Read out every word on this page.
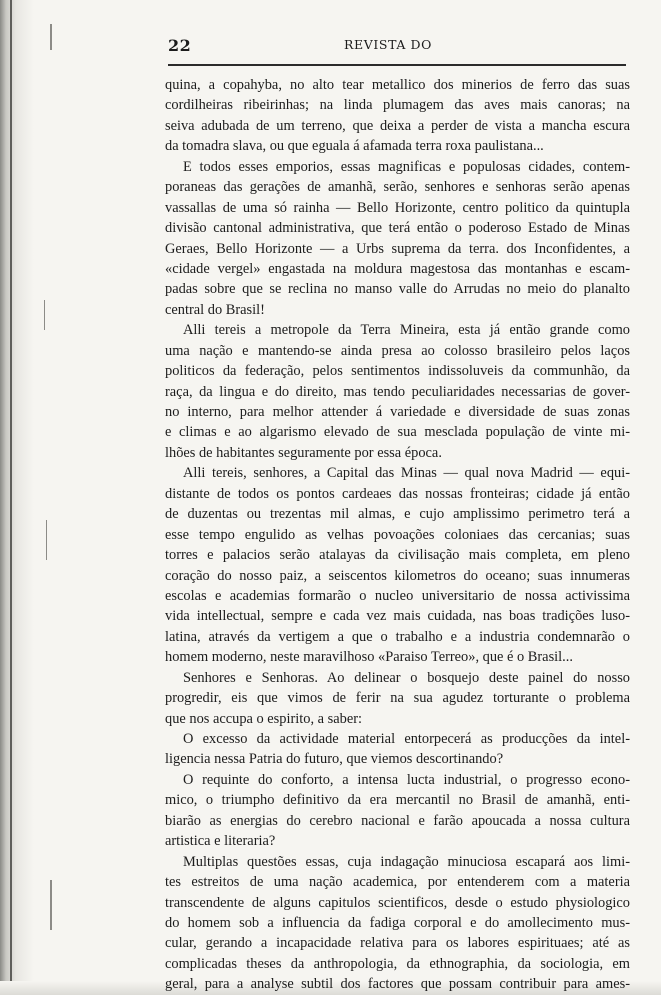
22	REVISTA DO
quina, a copahyba, no alto tear metallico dos minerios de ferro das suas
cordilheiras ribeirinhas; na linda plumagem das aves mais canoras; na
seiva adubada de um terreno, que deixa a perder de vista a mancha escura
da tomadra slava, ou que eguala á afamada terra roxa paulistana...
E todos esses emporios, essas magnificas e populosas cidades, contem-
poraneas das gerações de amanhã, serão, senhores e senhoras serão apenas
vassallas de uma só rainha — Bello Horizonte, centro politico da quintupla
divisão cantonal administrativa, que terá então o poderoso Estado de Minas
Geraes, Bello Horizonte — a Urbs suprema da terra. dos Inconfidentes, a
«cidade vergel» engastada na moldura magestosa das montanhas e escam-
padas sobre que se reclina no manso valle do Arrudas no meio do planalto
central do Brasil!
Alli tereis a metropole da Terra Mineira, esta já então grande como
uma nação e mantendo-se ainda presa ao colosso brasileiro pelos laços
politicos da federação, pelos sentimentos indissoluveis da communhão, da
raça, da lingua e do direito, mas tendo peculiaridades necessarias de gover-
no interno, para melhor attender á variedade e diversidade de suas zonas
e climas e ao algarismo elevado de sua mesclada população de vinte mi-
lhões de habitantes seguramente por essa época.
Alli tereis, senhores, a Capital das Minas — qual nova Madrid — equi-
distante de todos os pontos cardeaes das nossas fronteiras; cidade já então
de duzentas ou trezentas mil almas, e cujo amplissimo perimetro terá a
esse tempo engulido as velhas povoações coloniaes das cercanias; suas
torres e palacios serão atalayas da civilisação mais completa, em pleno
coração do nosso paiz, a seiscentos kilometros do oceano; suas innumeras
escolas e academias formarão o nucleo universitario de nossa activissima
vida intellectual, sempre e cada vez mais cuidada, nas boas tradições luso-
latina, através da vertigem a que o trabalho e a industria condemnarão o
homem moderno, neste maravilhoso «Paraiso Terreo», que é o Brasil...
Senhores e Senhoras. Ao delinear o bosquejo deste painel do nosso
progredir, eis que vimos de ferir na sua agudez torturante o problema
que nos accupa o espirito, a saber:
O excesso da actividade material entorpecerá as producções da intel-
ligencia nessa Patria do futuro, que viemos descortinando?
O requinte do conforto, a intensa lucta industrial, o progresso econo-
mico, o triumpho definitivo da era mercantil no Brasil de amanhã, enti-
biarão as energias do cerebro nacional e farão apoucada a nossa cultura
artistica e literaria?
Multiplas questões essas, cuja indagação minuciosa escapará aos limi-
tes estreitos de uma nação academica, por entenderem com a materia
transcendente de alguns capitulos scientificos, desde o estudo physiologico
do homem sob a influencia da fadiga corporal e do amollecimento mus-
cular, gerando a incapacidade relativa para os labores espirituaes; até as
complicadas theses da anthropologia, da ethnographia, da sociologia, em
geral, para a analyse subtil dos factores que possam contribuir para ames-
